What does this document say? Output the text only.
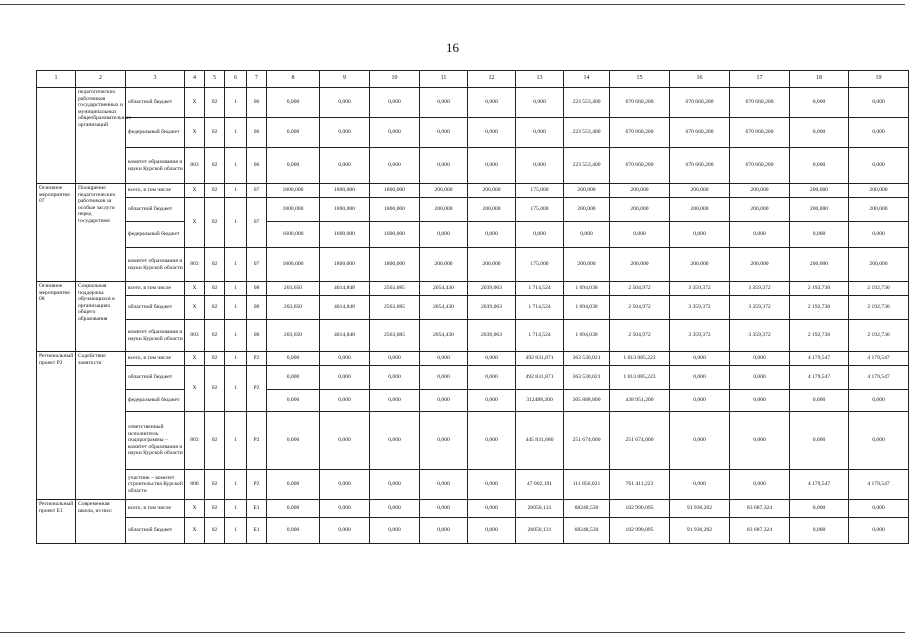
16
1	2	3	4	5	6	7	8	9	10	11	12	13	14	15	16	17	18	19
	педагогических работников государственных и муниципальных общеобразовательных организаций	областной бюджет	X	02	1	06	0,000	0,000	0,000	0,000	0,000	0,000	223 553,400	670 660,200	670 660,200	670 660,200	0,000	0,000
		федеральный бюджет	X	02	1	06	0,000	0,000	0,000	0,000	0,000	0,000	223 553,400	670 660,200	670 660,200	670 660,200	0,000	0,000
		комитет образования и науки Курской области	803	02	1	06	0,000	0,000	0,000	0,000	0,000	0,000	223 553,400	670 660,200	670 660,200	670 660,200	0,000	0,000
Основное мероприятие 07	Поощрение педагогических работников за особые заслуги перед государством	всего, в том числе	X	02	1	07	1800,000	1800,000	1800,000	200,000	200,000	175,000	200,000	200,000	200,000	200,000	200,000	200,000
		областной бюджет	X	02	1	07	1800,000	1800,000	1800,000	200,000	200,000	175,000	200,000	200,000	200,000	200,000	200,000	200,000
		федеральный бюджет					1600,000	1600,000	1600,000	0,000	0,000	0,000	0,000	0,000	0,000	0,000	0,000	0,000
		комитет образования и науки Курской области	803	02	1	07	1800,000	1800,000	1800,000	200,000	200,000	175,000	200,000	200,000	200,000	200,000	200,000	200,000
Основное мероприятие 08	Социальная поддержка обучающихся в организациях общего образования	всего, в том числе	X	02	1	08	203,650	4014,848	2563,085	2054,430	2039,063	1 714,524	1 694,038	2 504,972	3 359,372	3 359,372	2 192,730	2 192,730
		областной бюджет	X	02	1	08	203,650	4014,848	2563,085	2054,430	2039,063	1 714,524	1 694,038	2 504,972	3 359,372	3 359,372	2 192,730	2 192,730
		комитет образования и науки Курской области	803	02	1	08	203,650	4014,848	2563,085	2054,430	2039,063	1 714,524	1 694,038	2 504,972	3 359,372	3 359,372	2 192,730	2 192,730
Региональный проект P2	Содействие занятости	всего, в том числе	X	02	1	P2	0,000	0,000	0,000	0,000	0,000	492 831,871	363 530,021	1 013 085,223	0,000	0,000	4 179,547	4 179,547
		областной бюджет	X	02	1	P2	0,000	0,000	0,000	0,000	0,000	492 831,871	363 530,021	1 013 085,223	0,000	0,000	4 179,547	4 179,547
		федеральный бюджет					0,000	0,000	0,000	0,000	0,000	312488,200	305 888,800	438 951,200	0,000	0,000	0,000	0,000
		ответственный исполнитель подпрограммы – комитет образования и науки Курской области	803	02	1	P2	0,000	0,000	0,000	0,000	0,000	445 831,680	251 674,000	251 674,000	0,000	0,000	0,000	0,000
		участник – комитет строительства Курской области	808	02	1	P2	0,000	0,000	0,000	0,000	0,000	47 002,191	111 856,021	761 411,223	0,000	0,000	4 179,547	4 179,547
Региональный проект E1	Современная школа, из них:	всего, в том числе	X	02	1	E1	0,000	0,000	0,000	0,000	0,000	26050,131	68248,530	102 990,095	91 936,202	83 687,324	0,000	0,000
		областной бюджет	X	02	1	E1	0,000	0,000	0,000	0,000	0,000	26050,131	68248,530	102 990,095	91 936,202	83 687,324	0,000	0,000
